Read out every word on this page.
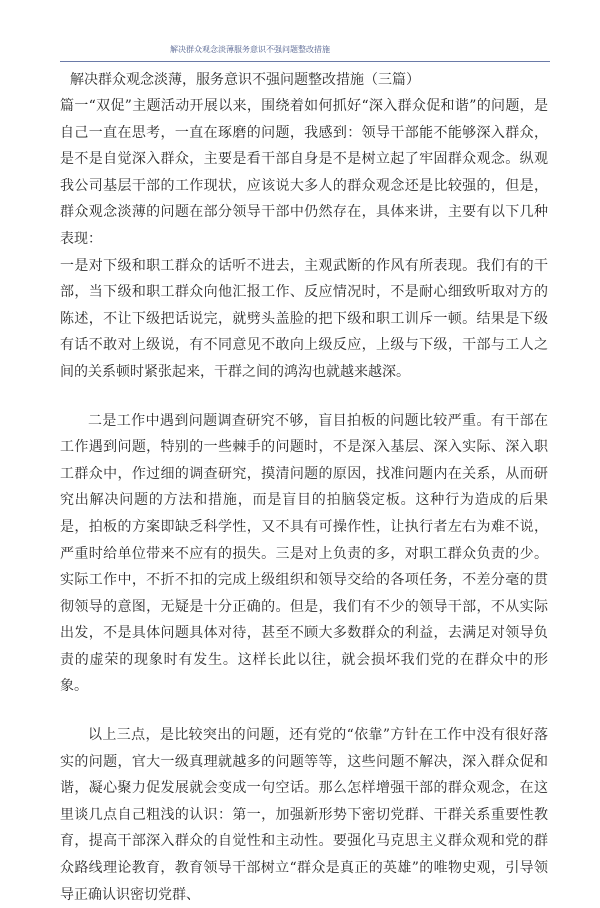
解决群众观念淡薄服务意识不强问题整改措施
解决群众观念淡薄，服务意识不强问题整改措施（三篇）

篇一“双促”主题活动开展以来，围绕着如何抓好“深入群众促和谐”的问题，是自己一直在思考，一直在琢磨的问题，我感到：领导干部能不能够深入群众，是不是自觉深入群众，主要是看干部自身是不是树立起了牢固群众观念。纵观我公司基层干部的工作现状，应该说大多人的群众观念还是比较强的，但是，群众观念淡薄的问题在部分领导干部中仍然存在，具体来讲，主要有以下几种表现：

一是对下级和职工群众的话听不进去，主观武断的作风有所表现。我们有的干部，当下级和职工群众向他汇报工作、反应情况时，不是耐心细致听取对方的陈述，不让下级把话说完，就劈头盖脸的把下级和职工训斥一顿。结果是下级有话不敢对上级说，有不同意见不敢向上级反应，上级与下级，干部与工人之间的关系顿时紧张起来，干群之间的鸿沟也就越来越深。

二是工作中遇到问题调查研究不够，盲目拍板的问题比较严重。有干部在工作遇到问题，特别的一些棘手的问题时，不是深入基层、深入实际、深入职工群众中，作过细的调查研究，摸清问题的原因，找准问题内在关系，从而研究出解决问题的方法和措施，而是盲目的拍脑袋定板。这种行为造成的后果是，拍板的方案即缺乏科学性，又不具有可操作性，让执行者左右为难不说，严重时给单位带来不应有的损失。三是对上负责的多，对职工群众负责的少。实际工作中，不折不扣的完成上级组织和领导交给的各项任务，不差分毫的贯彻领导的意图，无疑是十分正确的。但是，我们有不少的领导干部，不从实际出发，不是具体问题具体对待，甚至不顾大多数群众的利益，去满足对领导负责的虚荣的现象时有发生。这样长此以往，就会损坏我们党的在群众中的形象。

以上三点，是比较突出的问题，还有党的“依靠”方针在工作中没有很好落实的问题，官大一级真理就越多的问题等等，这些问题不解决，深入群众促和谐，凝心聚力促发展就会变成一句空话。那么怎样增强干部的群众观念，在这里谈几点自己粗浅的认识：第一，加强新形势下密切党群、干群关系重要性教育，提高干部深入群众的自觉性和主动性。要强化马克思主义群众观和党的群众路线理论教育，教育领导干部树立“群众是真正的英雄”的唯物史观，引导领导正确认识密切党群、
